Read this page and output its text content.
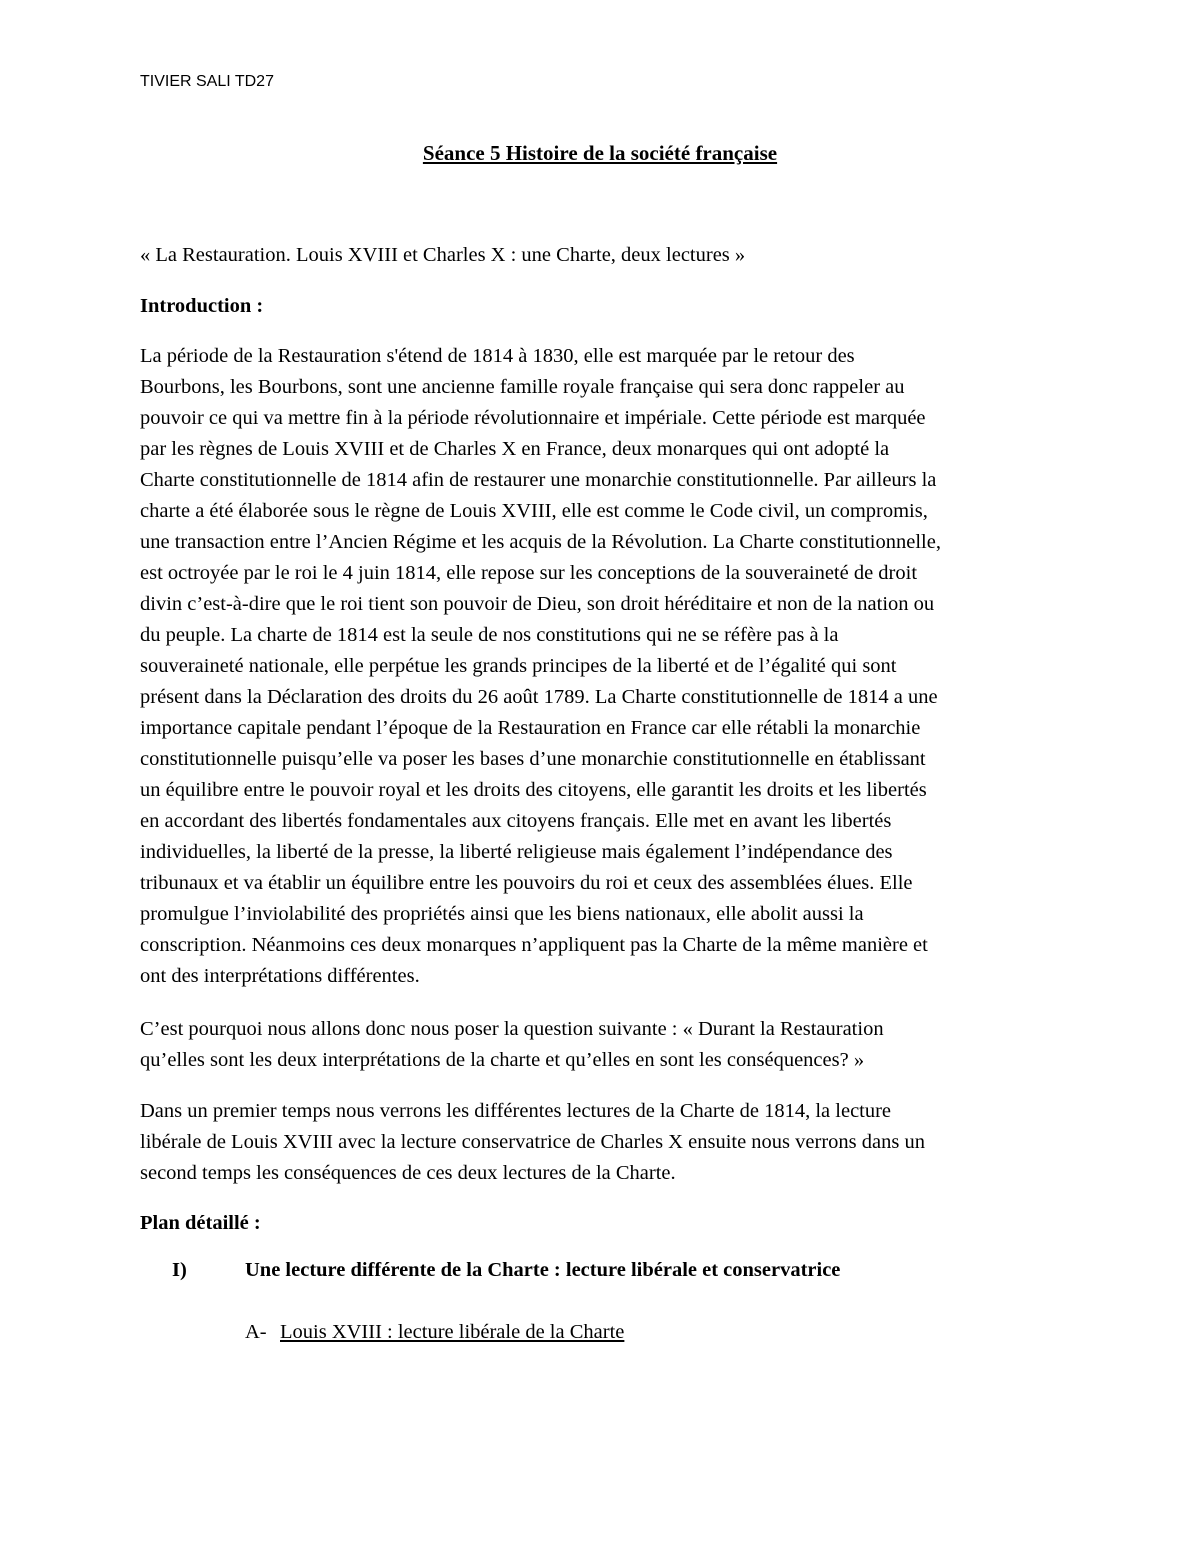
TIVIER SALI TD27
Séance 5 Histoire de la société française
« La Restauration. Louis XVIII et Charles X : une Charte, deux lectures »
Introduction :
La période de la Restauration s'étend de 1814 à 1830, elle est marquée par le retour des
Bourbons, les Bourbons, sont une ancienne famille royale française qui sera donc rappeler au
pouvoir ce qui va mettre fin à la période révolutionnaire et impériale. Cette période est marquée
par les règnes de Louis XVIII et de Charles X en France, deux monarques qui ont adopté la
Charte constitutionnelle de 1814 afin de restaurer une monarchie constitutionnelle. Par ailleurs la
charte a été élaborée sous le règne de Louis XVIII, elle est comme le Code civil, un compromis,
une transaction entre l’Ancien Régime et les acquis de la Révolution. La Charte constitutionnelle,
est octroyée par le roi le 4 juin 1814, elle repose sur les conceptions de la souveraineté de droit
divin c’est-à-dire que le roi tient son pouvoir de Dieu, son droit héréditaire et non de la nation ou
du peuple. La charte de 1814 est la seule de nos constitutions qui ne se réfère pas à la
souveraineté nationale, elle perpétue les grands principes de la liberté et de l’égalité qui sont
présent dans la Déclaration des droits du 26 août 1789. La Charte constitutionnelle de 1814 a une
importance capitale pendant l’époque de la Restauration en France car elle rétabli la monarchie
constitutionnelle puisqu’elle va poser les bases d’une monarchie constitutionnelle en établissant
un équilibre entre le pouvoir royal et les droits des citoyens, elle garantit les droits et les libertés
en accordant des libertés fondamentales aux citoyens français. Elle met en avant les libertés
individuelles, la liberté de la presse, la liberté religieuse mais également l’indépendance des
tribunaux et va établir un équilibre entre les pouvoirs du roi et ceux des assemblées élues. Elle
promulgue l’inviolabilité des propriétés ainsi que les biens nationaux, elle abolit aussi la
conscription. Néanmoins ces deux monarques n’appliquent pas la Charte de la même manière et
ont des interprétations différentes.
C’est pourquoi nous allons donc nous poser la question suivante : « Durant la Restauration
qu’elles sont les deux interprétations de la charte et qu’elles en sont les conséquences? »
Dans un premier temps nous verrons les différentes lectures de la Charte de 1814, la lecture
libérale de Louis XVIII avec la lecture conservatrice de Charles X ensuite nous verrons dans un
second temps les conséquences de ces deux lectures de la Charte.
Plan détaillé :
I)	Une lecture différente de la Charte : lecture libérale et conservatrice
A- Louis XVIII : lecture libérale de la Charte
